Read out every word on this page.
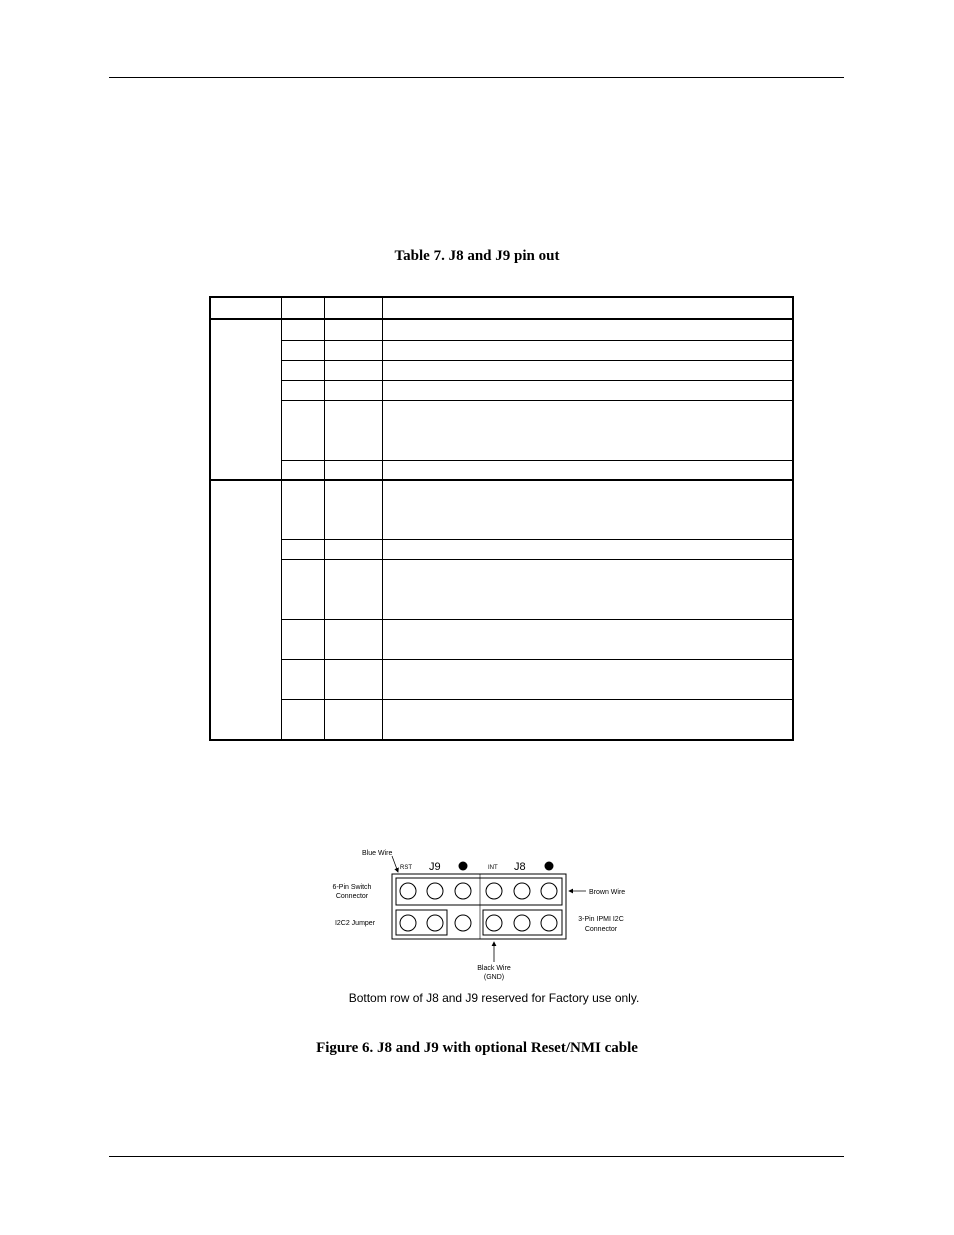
Table 7. J8 and J9 pin out

Blue Wire
RST J9	INT J8
6-Pin Switch
Connector
I2C2 Jumper
Brown Wire
3-Pin IPMI I2C
Connector
Black Wire
(GND)
Bottom row of J8 and J9 reserved for Factory use only.
Figure 6. J8 and J9 with optional Reset/NMI cable
